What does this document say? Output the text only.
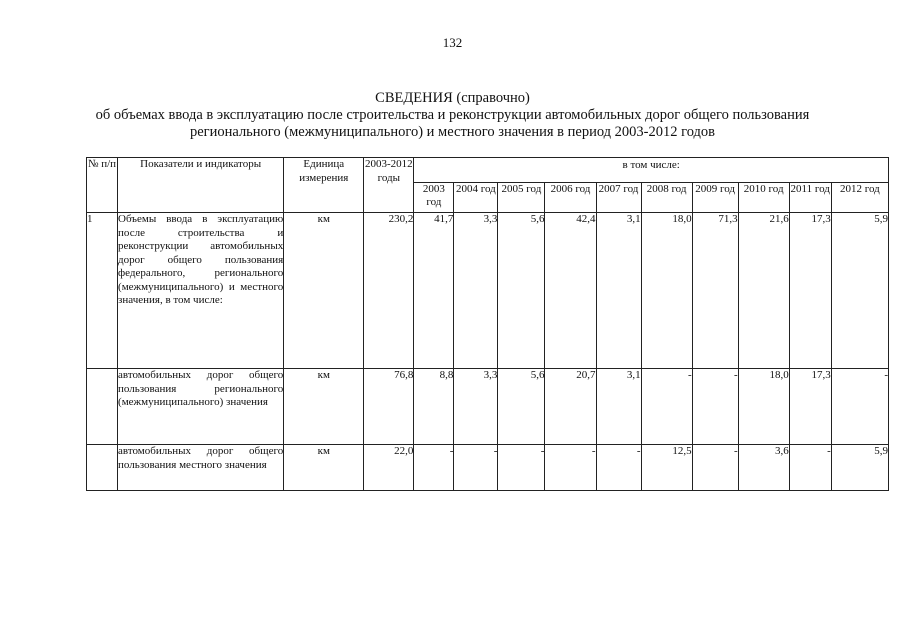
132
СВЕДЕНИЯ (справочно)
об объемах ввода в эксплуатацию после строительства и реконструкции автомобильных дорог общего пользования
регионального (межмуниципального) и местного значения в период 2003-2012 годов
№ п/п	Показатели и индикаторы	Единица измерения	2003-2012 годы	в том числе:									
				2003 год	2004 год	2005 год	2006 год	2007 год	2008 год	2009 год	2010 год	2011 год	2012 год
1	Объемы ввода в эксплуатацию после строительства и реконструкции автомобильных дорог общего пользования федерального, регионального (межмуниципального) и местного значения, в том числе:	км	230,2	41,7	3,3	5,6	42,4	3,1	18,0	71,3	21,6	17,3	5,9
	автомобильных дорог общего пользования регионального (межмуниципального) значения	км	76,8	8,8	3,3	5,6	20,7	3,1	-	-	18,0	17,3	-
	автомобильных дорог общего пользования местного значения	км	22,0	-	-	-	-	-	12,5	-	3,6	-	5,9
